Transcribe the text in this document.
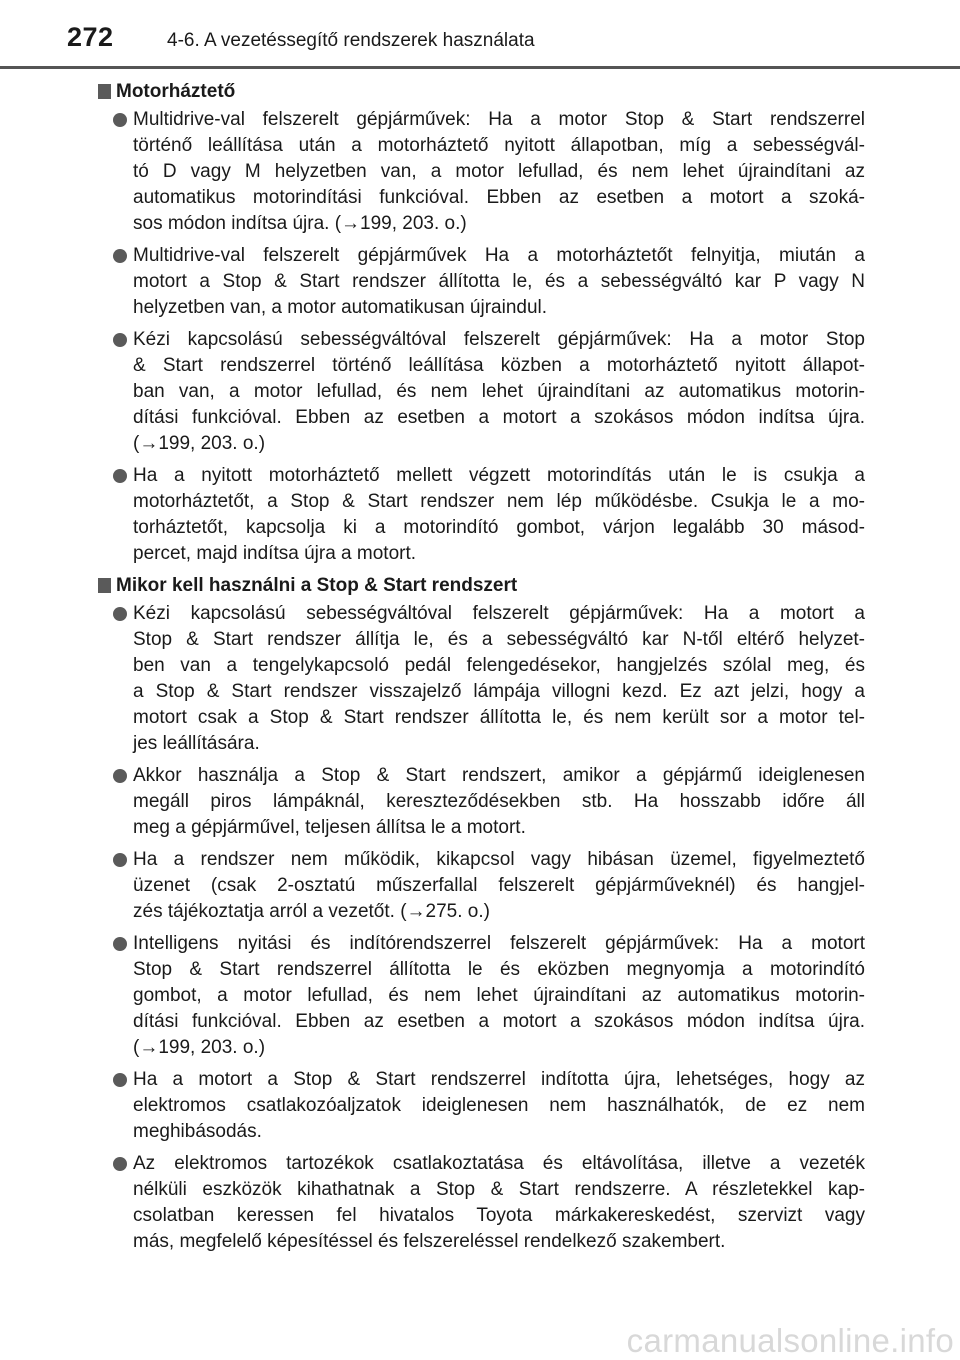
272	4-6. A vezetéssegítő rendszerek használata
Motorháztető
Multidrive-val felszerelt gépjárművek: Ha a motor Stop & Start rendszerrel
történő leállítása után a motorháztető nyitott állapotban, míg a sebességvál-
tó D vagy M helyzetben van, a motor lefullad, és nem lehet újraindítani az
automatikus motorindítási funkcióval. Ebben az esetben a motort a szoká-
sos módon indítsa újra. (→199, 203. o.)
Multidrive-val felszerelt gépjárművek Ha a motorháztetőt felnyitja, miután a
motort a Stop & Start rendszer állította le, és a sebességváltó kar P vagy N
helyzetben van, a motor automatikusan újraindul.
Kézi kapcsolású sebességváltóval felszerelt gépjárművek: Ha a motor Stop
& Start rendszerrel történő leállítása közben a motorháztető nyitott állapot-
ban van, a motor lefullad, és nem lehet újraindítani az automatikus motorin-
dítási funkcióval. Ebben az esetben a motort a szokásos módon indítsa újra.
(→199, 203. o.)
Ha a nyitott motorháztető mellett végzett motorindítás után le is csukja a
motorháztetőt, a Stop & Start rendszer nem lép működésbe. Csukja le a mo-
torháztetőt, kapcsolja ki a motorindító gombot, várjon legalább 30 másod-
percet, majd indítsa újra a motort.
Mikor kell használni a Stop & Start rendszert
Kézi kapcsolású sebességváltóval felszerelt gépjárművek: Ha a motort a
Stop & Start rendszer állítja le, és a sebességváltó kar N-től eltérő helyzet-
ben van a tengelykapcsoló pedál felengedésekor, hangjelzés szólal meg, és
a Stop & Start rendszer visszajelző lámpája villogni kezd. Ez azt jelzi, hogy a
motort csak a Stop & Start rendszer állította le, és nem került sor a motor tel-
jes leállítására.
Akkor használja a Stop & Start rendszert, amikor a gépjármű ideiglenesen
megáll piros lámpáknál, kereszteződésekben stb. Ha hosszabb időre áll
meg a gépjárművel, teljesen állítsa le a motort.
Ha a rendszer nem működik, kikapcsol vagy hibásan üzemel, figyelmeztető
üzenet (csak 2-osztatú műszerfallal felszerelt gépjárműveknél) és hangjel-
zés tájékoztatja arról a vezetőt. (→275. o.)
Intelligens nyitási és indítórendszerrel felszerelt gépjárművek: Ha a motort
Stop & Start rendszerrel állította le és eközben megnyomja a motorindító
gombot, a motor lefullad, és nem lehet újraindítani az automatikus motorin-
dítási funkcióval. Ebben az esetben a motort a szokásos módon indítsa újra.
(→199, 203. o.)
Ha a motort a Stop & Start rendszerrel indította újra, lehetséges, hogy az
elektromos csatlakozóaljzatok ideiglenesen nem használhatók, de ez nem
meghibásodás.
Az elektromos tartozékok csatlakoztatása és eltávolítása, illetve a vezeték
nélküli eszközök kihathatnak a Stop & Start rendszerre. A részletekkel kap-
csolatban keressen fel hivatalos Toyota márkakereskedést, szervizt vagy
más, megfelelő képesítéssel és felszereléssel rendelkező szakembert.
carmanualsonline.info
